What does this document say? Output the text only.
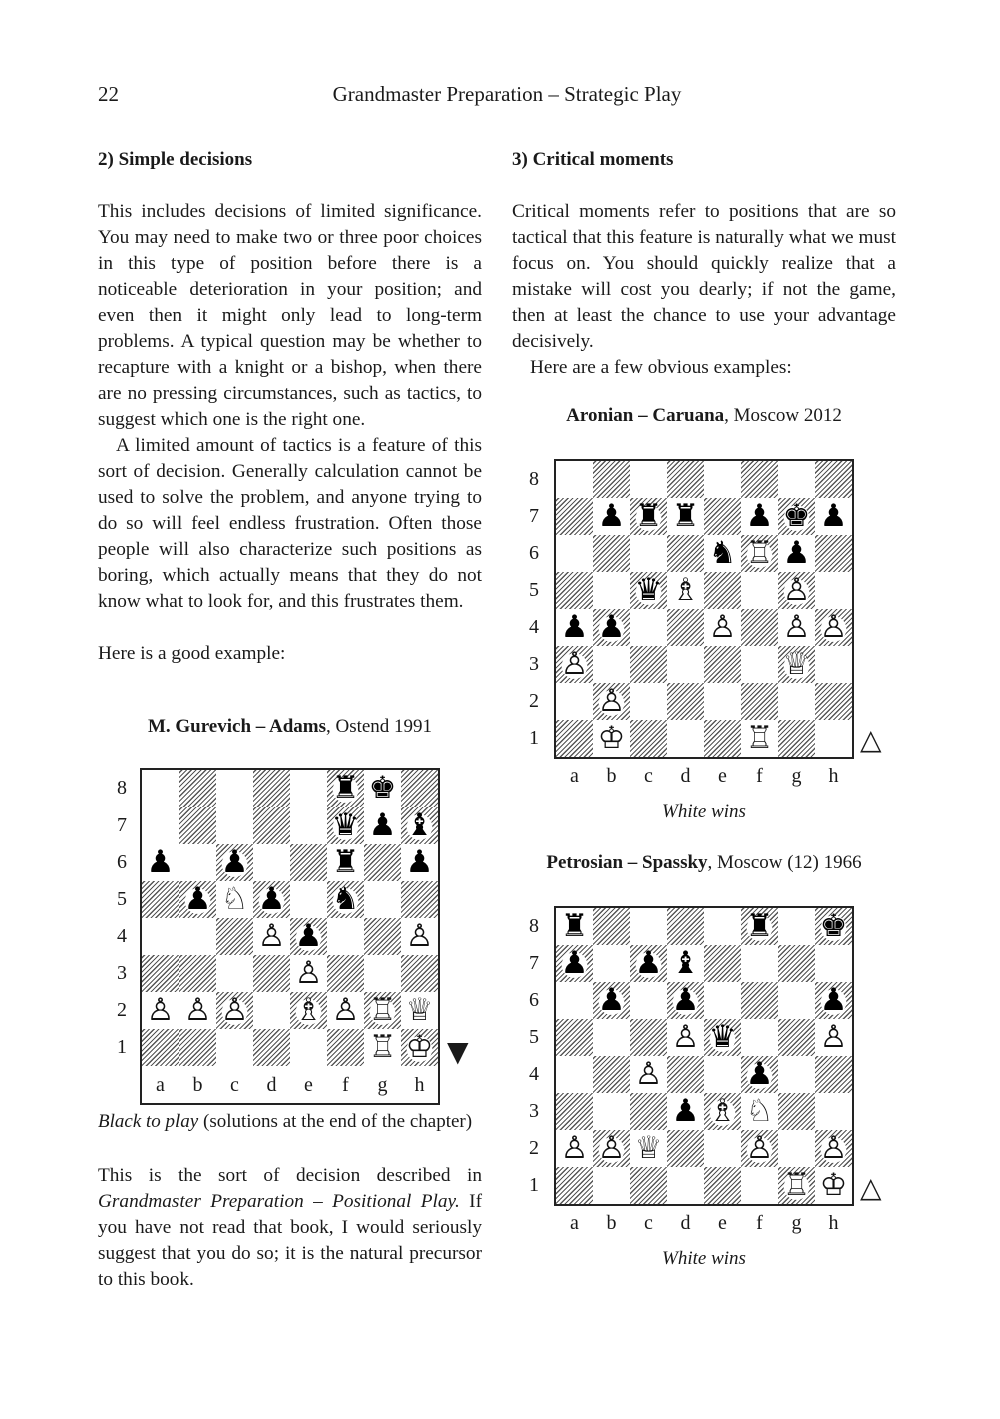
22	Grandmaster Preparation – Strategic Play
2) Simple decisions

This includes decisions of limited significance. You may need to make two or three poor choices in this type of position before there is a noticeable deterioration in your position; and even then it might only lead to long-term problems. A typical question may be whether to recapture with a knight or a bishop, when there are no pressing circumstances, such as tactics, to suggest which one is the right one.

A limited amount of tactics is a feature of this sort of decision. Generally calculation cannot be used to solve the problem, and anyone trying to do so will feel endless frustration. Often those people will also characterize such positions as boring, which actually means that they do not know what to look for, and this frustrates them.

Here is a good example:

M. Gurevich – Adams, Ostend 1991
♜ ♚
♛ ♟ ♝
♟ ♟	♜ ♟
♟ ♘ ♟ ♞
♙ ♟	♙
♙
♙ ♙ ♙ ♗ ♙ ♖ ♕
♖ ♔
8
7
6
5
4
3
2
1
a	b	c	d	e	f	g	h
▼
Black to play (solutions at the end of the chapter)

This is the sort of decision described in Grandmaster Preparation – Positional Play. If you have not read that book, I would seriously suggest that you do so; it is the natural precursor to this book.

3) Critical moments

Critical moments refer to positions that are so tactical that this feature is naturally what we must focus on. You should quickly realize that a mistake will cost you dearly; if not the game, then at least the chance to use your advantage decisively.

Here are a few obvious examples:

Aronian – Caruana, Moscow 2012
♟ ♜ ♜ ♟ ♚ ♟
♞ ♖ ♟
♛ ♗	♙
♟ ♟	♙ ♙ ♙
♙	♕
♙
♔	♖
8
7
6
5
4
3
2
1
a	b	c	d	e	f	g	h
△
White wins
Petrosian – Spassky, Moscow (12) 1966
♜	♜ ♚
♟ ♟ ♝
♟ ♟	♟
♙ ♛	♙
♙	♟
♟ ♗ ♘
♙ ♙ ♕	♙ ♙
♖ ♔
8
7
6
5
4
3
2
1
a	b	c	d	e	f	g	h
△
White wins
